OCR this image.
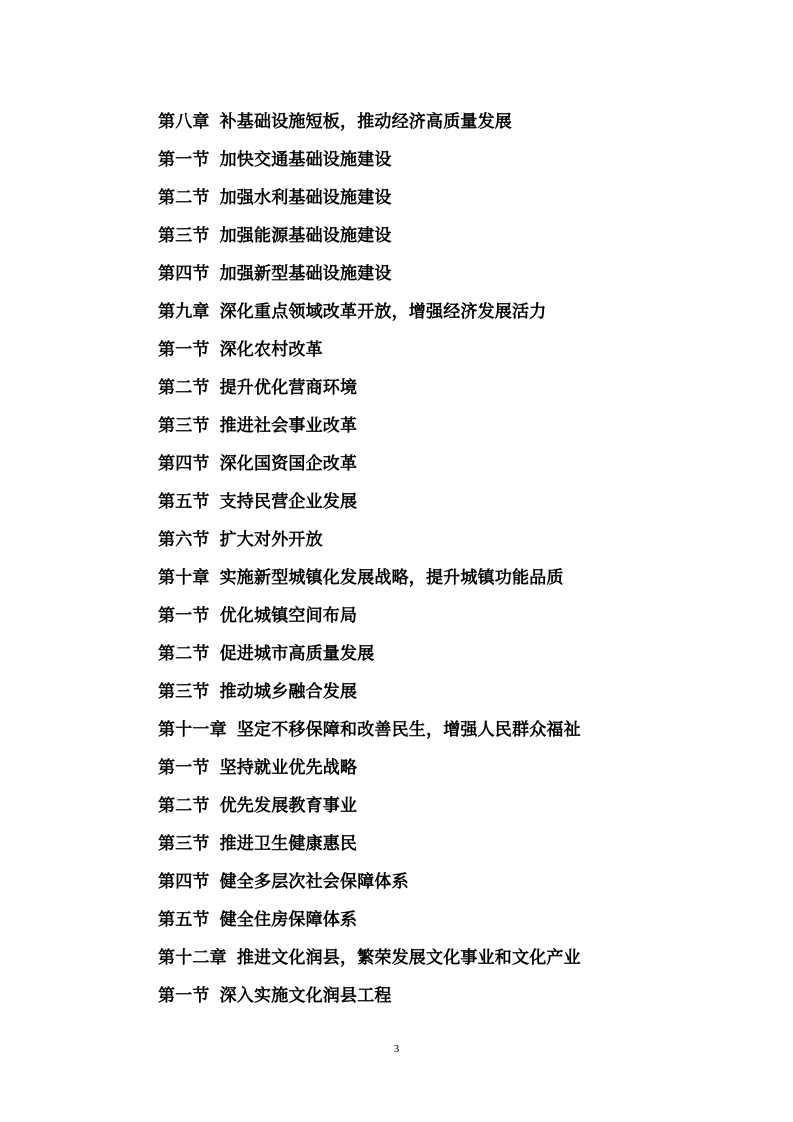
第八章 补基础设施短板，推动经济高质量发展
第一节 加快交通基础设施建设
第二节 加强水利基础设施建设
第三节 加强能源基础设施建设
第四节 加强新型基础设施建设
第九章 深化重点领域改革开放，增强经济发展活力
第一节 深化农村改革
第二节 提升优化营商环境
第三节 推进社会事业改革
第四节 深化国资国企改革
第五节 支持民营企业发展
第六节 扩大对外开放
第十章 实施新型城镇化发展战略，提升城镇功能品质
第一节 优化城镇空间布局
第二节 促进城市高质量发展
第三节 推动城乡融合发展
第十一章 坚定不移保障和改善民生，增强人民群众福祉
第一节 坚持就业优先战略
第二节 优先发展教育事业
第三节 推进卫生健康惠民
第四节 健全多层次社会保障体系
第五节 健全住房保障体系
第十二章 推进文化润县，繁荣发展文化事业和文化产业
第一节 深入实施文化润县工程
3
